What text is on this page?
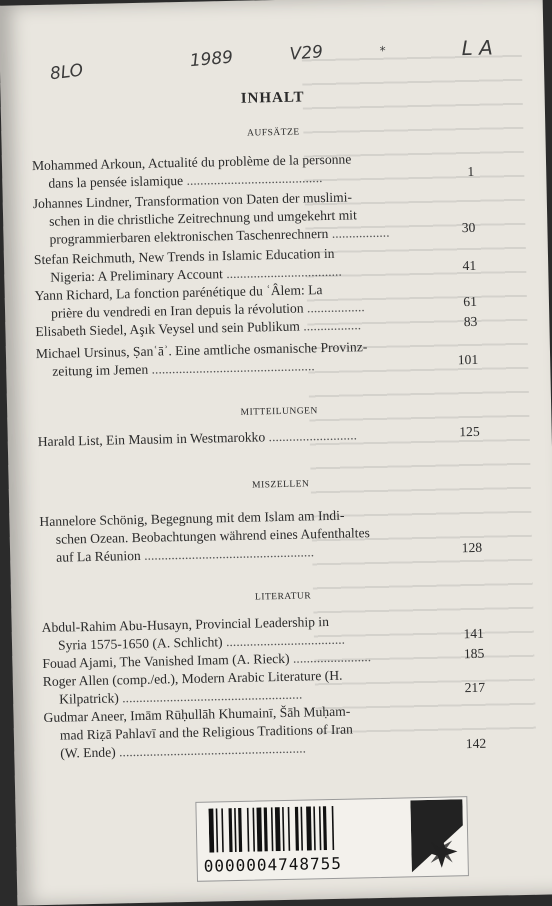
8LO
1989	V29	*	L A
INHALT
AUFSÄTZE
Mohammed Arkoun, Actualité du problème de la personne
dans la pensée islamique ........................................	1
Johannes Lindner, Transformation von Daten der muslimi-
schen in die christliche Zeitrechnung und umgekehrt mit
programmierbaren elektronischen Taschenrechnern .................	30
Stefan Reichmuth, New Trends in Islamic Education in
Nigeria: A Preliminary Account ..................................	41
Yann Richard, La fonction parénétique du ʿÂlem: La
prière du vendredi en Iran depuis la révolution .................	61
Elisabeth Siedel, Aşık Veysel und sein Publikum .................	83
Michael Ursinus, Ṣanʿāʾ. Eine amtliche osmanische Provinz-
zeitung im Jemen ................................................	101
MITTEILUNGEN
Harald List, Ein Mausim in Westmarokko ..........................	125
MISZELLEN
Hannelore Schönig, Begegnung mit dem Islam am Indi-
schen Ozean. Beobachtungen während eines Aufenthaltes
auf La Réunion ..................................................	128
LITERATUR
Abdul-Rahim Abu-Husayn, Provincial Leadership in
Syria 1575-1650 (A. Schlicht) ...................................	141
Fouad Ajami, The Vanished Imam (A. Rieck) .......................	185
Roger Allen (comp./ed.), Modern Arabic Literature (H.
Kilpatrick) .....................................................	217
Gudmar Aneer, Imām Rūḥullāh Khumainī, Šāh Muḥam-
mad Riẓā Pahlavī and the Religious Traditions of Iran
(W. Ende) .......................................................	142
0000004748755
